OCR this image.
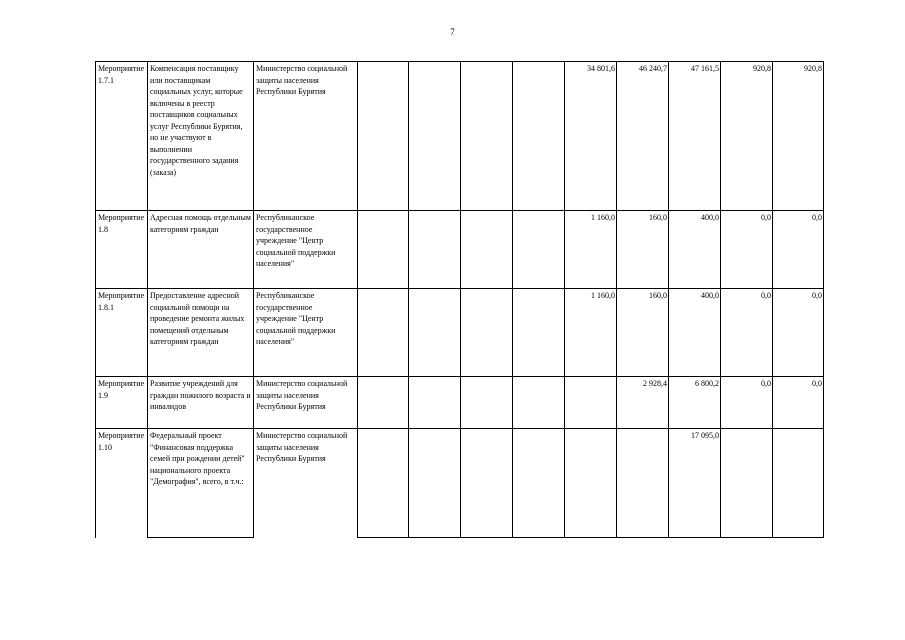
7
Мероприятие 1.7.1	Компенсация поставщику или поставщикам социальных услуг, которые включены в реестр поставщиков социальных услуг Республики Бурятия, но не участвуют в выполнении государственного задания (заказа)	Министерство социальной защиты населения Республики Бурятия					34 801,6	46 240,7	47 161,5	920,8	920,8
Мероприятие 1.8	Адресная помощь отдельным категориям граждан	Республиканское государственное учреждение "Центр социальной поддержки населения"					1 160,0	160,0	400,0	0,0	0,0
Мероприятие 1.8.1	Предоставление адресной социальной помощи на проведение ремонта жилых помещений отдельным категориям граждан	Республиканское государственное учреждение "Центр социальной поддержки населения"					1 160,0	160,0	400,0	0,0	0,0
Мероприятие 1.9	Развитие учреждений для граждан пожилого возраста и инвалидов	Министерство социальной защиты населения Республики Бурятия						2 928,4	6 800,2	0,0	0,0
Мероприятие 1.10	Федеральный проект "Финансовая поддержка семей при рождении детей" национального проекта "Демография", всего, в т.ч.:	Министерство социальной защиты населения Республики Бурятия							17 095,0		
